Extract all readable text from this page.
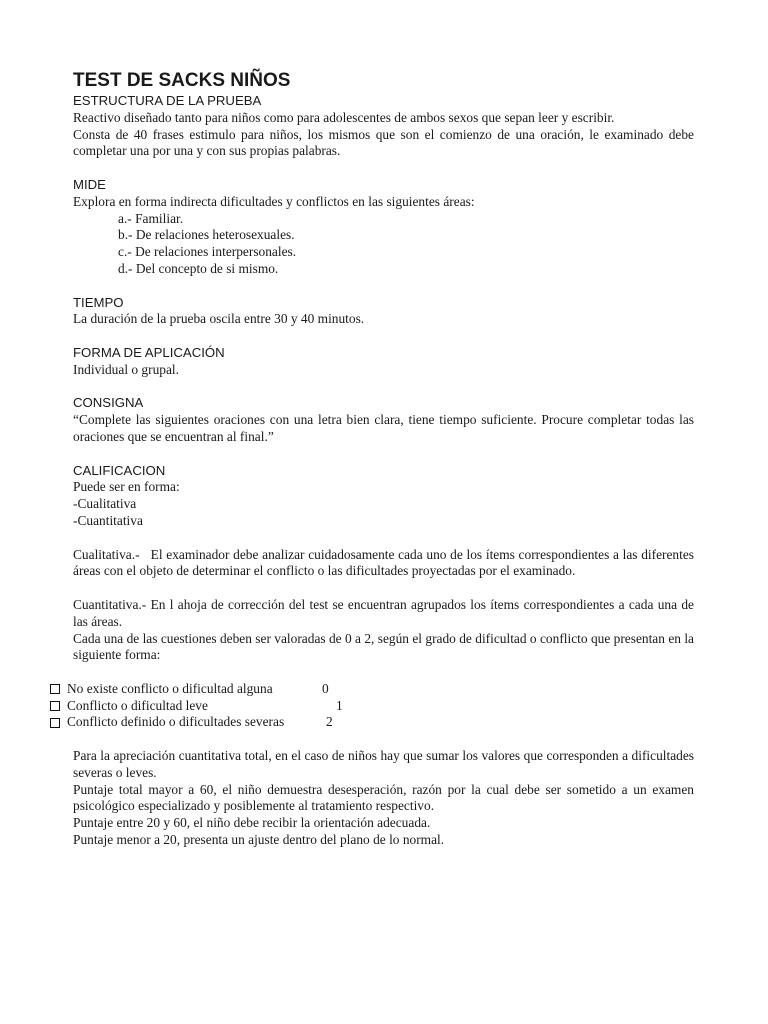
TEST DE SACKS NIÑOS

ESTRUCTURA DE LA PRUEBA

Reactivo diseñado tanto para niños como para adolescentes de ambos sexos que sepan leer y escribir.

Consta de 40 frases estimulo para niños, los mismos que son el comienzo de una oración, le examinado debe completar una por una y con sus propias palabras.

MIDE

Explora en forma indirecta dificultades y conflictos en las siguientes áreas:

a.- Familiar.

b.- De relaciones heterosexuales.

c.- De relaciones interpersonales.

d.- Del concepto de si mismo.

TIEMPO

La duración de la prueba oscila entre 30 y 40 minutos.

FORMA DE APLICACIÓN

Individual o grupal.

CONSIGNA

“Complete las siguientes oraciones con una letra bien clara, tiene tiempo suficiente. Procure completar todas las oraciones que se encuentran al final.”

CALIFICACION

Puede ser en forma:

-Cualitativa

-Cuantitativa

Cualitativa.-   El examinador debe analizar cuidadosamente cada uno de los ítems correspondientes a las diferentes áreas con el objeto de determinar el conflicto o las dificultades proyectadas por el examinado.

Cuantitativa.- En l ahoja de corrección del test se encuentran agrupados los ítems correspondientes a cada una de las áreas.

Cada una de las cuestiones deben ser valoradas de 0 a 2, según el grado de dificultad o conflicto que presentan en la siguiente forma:

No existe conflicto o dificultad alguna	0
Conflicto o dificultad leve	1
Conflicto definido o dificultades severas	2

Para la apreciación cuantitativa total, en el caso de niños hay que sumar los valores que corresponden a dificultades severas o leves.

Puntaje total mayor a 60, el niño demuestra desesperación, razón por la cual debe ser sometido a un examen psicológico especializado y posiblemente al tratamiento respectivo.

Puntaje entre 20 y 60, el niño debe recibir la orientación adecuada.

Puntaje menor a 20, presenta un ajuste dentro del plano de lo normal.
